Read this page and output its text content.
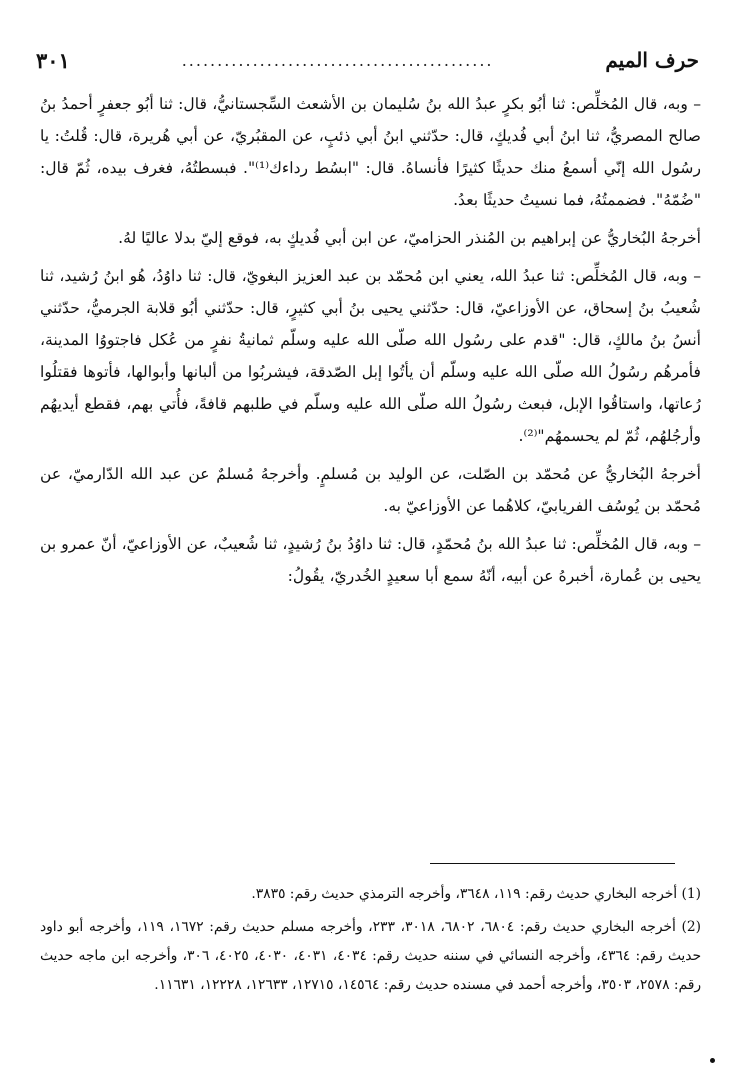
حرف الميم
............................................
٣٠١

– وبه، قال المُخلِّص: ثنا أبُو بكرٍ عبدُ الله بنُ سُليمان بن الأشعث السِّجستانيُّ، قال: ثنا أبُو جعفرٍ أحمدُ بنُ صالح المصريُّ، ثنا ابنُ أبي فُديكٍ، قال: حدّثني ابنُ أبي ذئبٍ، عن المقبُريّ، عن أبي هُريرة، قال: قُلتُ: يا رسُول الله إنّي أسمعُ منك حديثًا كثيرًا فأنساهُ. قال: "ابسُط رداءك⁽¹⁾". فبسطتُهُ، فغرف بيده، ثُمّ قال: "ضُمّهُ". فضممتُهُ، فما نسيتُ حديثًا بعدُ.

أخرجهُ البُخاريُّ عن إبراهيم بن المُنذر الحزاميّ، عن ابن أبي فُديكٍ به، فوقع إليّ بدلا عاليًا لهُ.

– وبه، قال المُخلِّص: ثنا عبدُ الله، يعني ابن مُحمّد بن عبد العزيز البغويّ، قال: ثنا داوُدُ، هُو ابنُ رُشيد، ثنا شُعيبُ بنُ إسحاق، عن الأوزاعيّ، قال: حدّثني يحيى بنُ أبي كثيرٍ، قال: حدّثني أبُو قلابة الجرميُّ، حدّثني أنسُ بنُ مالكٍ، قال: "قدم على رسُول الله صلّى الله عليه وسلّم ثمانيةُ نفرٍ من عُكل فاجتووُا المدينة، فأمرهُم رسُولُ الله صلّى الله عليه وسلّم أن يأتُوا إبل الصّدقة، فيشربُوا من ألبانها وأبوالها، فأتوها فقتلُوا رُعاتها، واستاقُوا الإبل، فبعث رسُولُ الله صلّى الله عليه وسلّم في طلبهم قافةً، فأُتي بهم، فقطع أيديهُم وأرجُلهُم، ثُمّ لم يحسمهُم"⁽²⁾.

أخرجهُ البُخاريُّ عن مُحمّد بن الصّلت، عن الوليد بن مُسلمٍ. وأخرجهُ مُسلمٌ عن عبد الله الدّارميّ، عن مُحمّد بن يُوسُف الفريابيّ، كلاهُما عن الأوزاعيّ به.

– وبه، قال المُخلِّص: ثنا عبدُ الله بنُ مُحمّدٍ، قال: ثنا داوُدُ بنُ رُشيدٍ، ثنا شُعيبٌ، عن الأوزاعيّ، أنّ عمرو بن يحيى بن عُمارة، أخبرهُ عن أبيه، أنّهُ سمع أبا سعيدٍ الخُدريّ، يقُولُ:

(1) أخرجه البخاري حديث رقم: ١١٩، ٣٦٤٨، وأخرجه الترمذي حديث رقم: ٣٨٣٥.

(2) أخرجه البخاري حديث رقم: ٦٨٠٤، ٦٨٠٢، ٣٠١٨، ٢٣٣، وأخرجه مسلم حديث رقم: ١٦٧٢، ١١٩، وأخرجه أبو داود حديث رقم: ٤٣٦٤، وأخرجه النسائي في سننه حديث رقم: ٤٠٣٤، ٤٠٣١، ٤٠٣٠، ٤٠٢٥، ٣٠٦، وأخرجه ابن ماجه حديث رقم: ٢٥٧٨، ٣٥٠٣، وأخرجه أحمد في مسنده حديث رقم: ١٤٥٦٤، ١٢٧١٥، ١٢٦٣٣، ١٢٢٢٨، ١١٦٣١.
